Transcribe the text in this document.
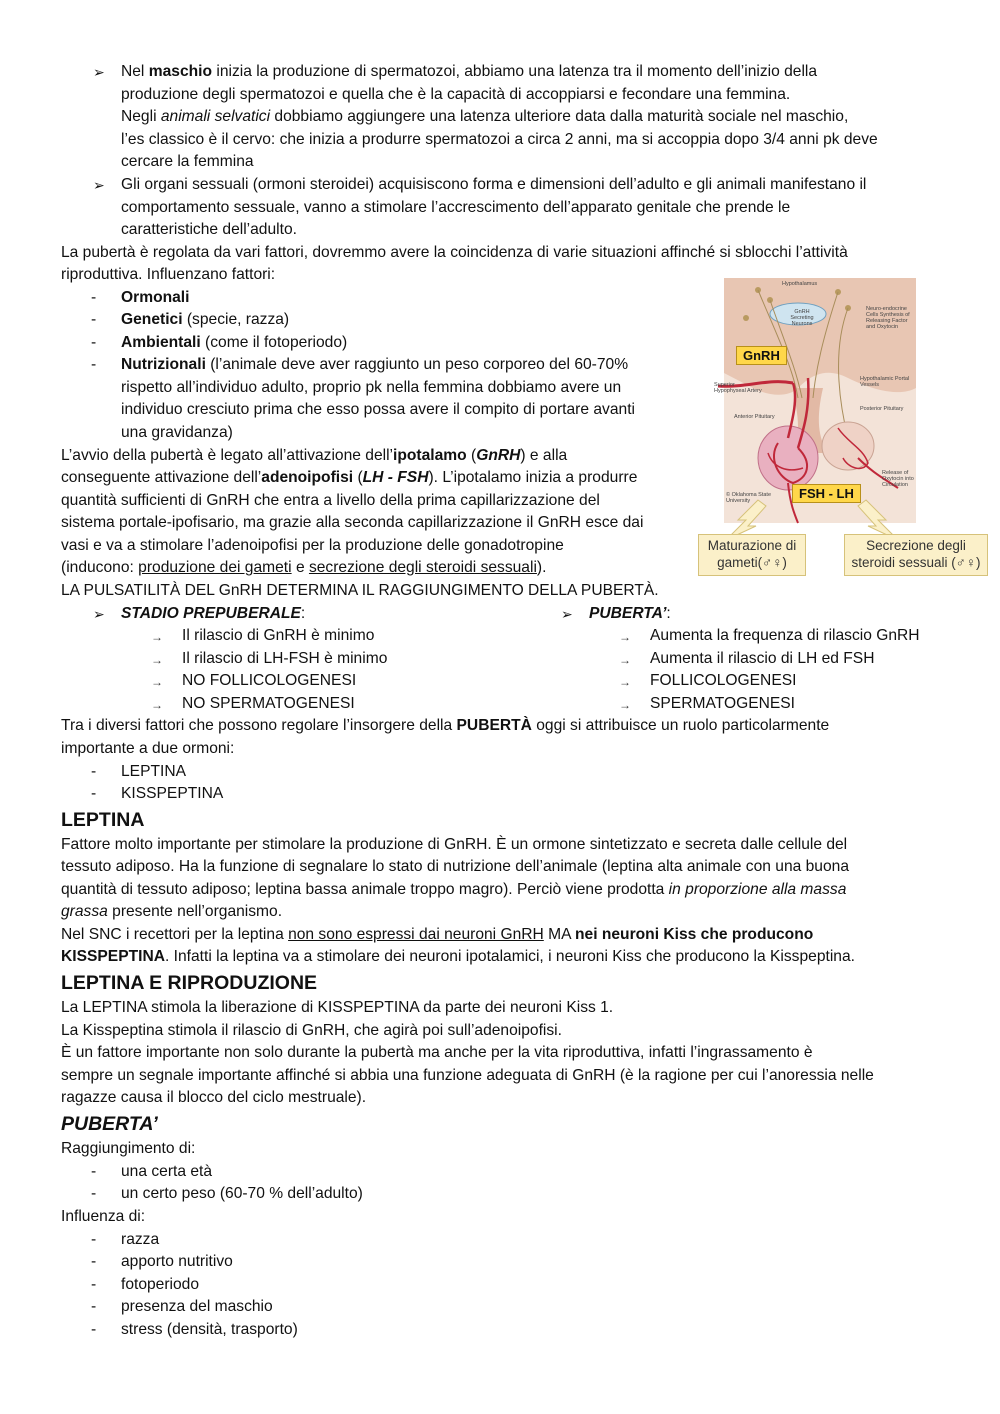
➢ Nel maschio inizia la produzione di spermatozoi, abbiamo una latenza tra il momento dell’inizio della
produzione degli spermatozoi e quella che è la capacità di accoppiarsi e fecondare una femmina.
Negli animali selvatici dobbiamo aggiungere una latenza ulteriore data dalla maturità sociale nel maschio,
l’es classico è il cervo: che inizia a produrre spermatozoi a circa 2 anni, ma si accoppia dopo 3/4 anni pk deve
cercare la femmina
➢ Gli organi sessuali (ormoni steroidei) acquisiscono forma e dimensioni dell’adulto e gli animali manifestano il
comportamento sessuale, vanno a stimolare l’accrescimento dell’apparato genitale che prende le
caratteristiche dell’adulto.
La pubertà è regolata da vari fattori, dovremmo avere la coincidenza di varie situazioni affinché si sblocchi l’attività
riproduttiva. Influenzano fattori:
- Ormonali
- Genetici (specie, razza)
- Ambientali (come il fotoperiodo)
- Nutrizionali (l’animale deve aver raggiunto un peso corporeo del 60-70%
rispetto all’individuo adulto, proprio pk nella femmina dobbiamo avere un
individuo cresciuto prima che esso possa avere il compito di portare avanti
una gravidanza)
L’avvio della pubertà è legato all’attivazione dell’ipotalamo (GnRH) e alla
conseguente attivazione dell’adenoipofisi (LH - FSH). L’ipotalamo inizia a produrre
quantità sufficienti di GnRH che entra a livello della prima capillarizzazione del
sistema portale-ipofisario, ma grazie alla seconda capillarizzazione il GnRH esce dai
vasi e va a stimolare l’adenoipofisi per la produzione delle gonadotropine
(inducono: produzione dei gameti e secrezione degli steroidi sessuali).
LA PULSATILITÀ DEL GnRH DETERMINA IL RAGGIUNGIMENTO DELLA PUBERTÀ.
GnRH
FSH - LH
Maturazione di gameti(♂♀)
Secrezione degli steroidi sessuali (♂♀)
Hypothalamus
GnRH Secreting Neurons
Neuro-endocrine Cells Synthesis of Releasing Factor and Oxytocin
Hypothalamic Portal Vessels
Superior Hypophyseal Artery
Anterior Pituitary
Posterior Pituitary
Release of Oxytocin into Circulation
© Oklahoma State University
➢ STADIO PREPUBERALE:
→ Il rilascio di GnRH è minimo
→ Il rilascio di LH-FSH è minimo
→ NO FOLLICOLOGENESI
→ NO SPERMATOGENESI
➢ PUBERTA’:
→ Aumenta la frequenza di rilascio GnRH
→ Aumenta il rilascio di LH ed FSH
→ FOLLICOLOGENESI
→ SPERMATOGENESI
Tra i diversi fattori che possono regolare l’insorgere della PUBERTÀ oggi si attribuisce un ruolo particolarmente
importante a due ormoni:
- LEPTINA
- KISSPEPTINA
LEPTINA
Fattore molto importante per stimolare la produzione di GnRH. È un ormone sintetizzato e secreta dalle cellule del
tessuto adiposo. Ha la funzione di segnalare lo stato di nutrizione dell’animale (leptina alta animale con una buona
quantità di tessuto adiposo; leptina bassa animale troppo magro). Perciò viene prodotta in proporzione alla massa
grassa presente nell’organismo.
Nel SNC i recettori per la leptina non sono espressi dai neuroni GnRH MA nei neuroni Kiss che producono
KISSPEPTINA. Infatti la leptina va a stimolare dei neuroni ipotalamici, i neuroni Kiss che producono la Kisspeptina.
LEPTINA E RIPRODUZIONE
La LEPTINA stimola la liberazione di KISSPEPTINA da parte dei neuroni Kiss 1.
La Kisspeptina stimola il rilascio di GnRH, che agirà poi sull’adenoipofisi.
È un fattore importante non solo durante la pubertà ma anche per la vita riproduttiva, infatti l’ingrassamento è
sempre un segnale importante affinché si abbia una funzione adeguata di GnRH (è la ragione per cui l’anoressia nelle
ragazze causa il blocco del ciclo mestruale).
PUBERTA’
Raggiungimento di:
- una certa età
- un certo peso (60-70 % dell’adulto)
Influenza di:
- razza
- apporto nutritivo
- fotoperiodo
- presenza del maschio
- stress (densità, trasporto)
